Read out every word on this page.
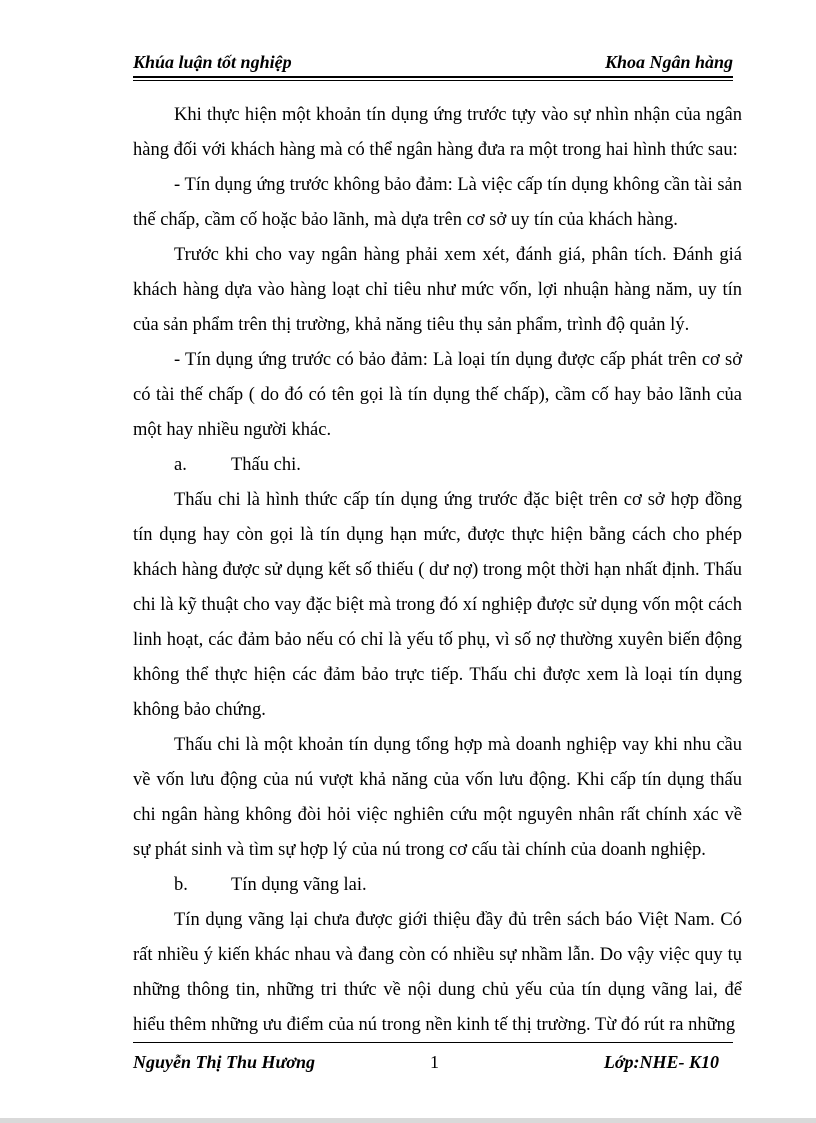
Khúa luận tốt nghiệp	Khoa Ngân hàng

Khi thực hiện một khoản tín dụng ứng trước tựy vào sự nhìn nhận của ngân hàng đối với khách hàng mà có thể ngân hàng đưa ra một trong hai hình thức sau:

- Tín dụng ứng trước không bảo đảm: Là việc cấp tín dụng không cần tài sản thế chấp, cầm cố hoặc bảo lãnh, mà dựa trên cơ sở uy tín của khách hàng.

Trước khi cho vay ngân hàng phải xem xét, đánh giá, phân tích. Đánh giá khách hàng dựa vào hàng loạt chỉ tiêu như mức vốn, lợi nhuận hàng năm, uy tín của sản phẩm trên thị trường, khả năng tiêu thụ sản phẩm, trình độ quản lý.

- Tín dụng ứng trước có bảo đảm: Là loại tín dụng được cấp phát trên cơ sở có tài thế chấp ( do đó có tên gọi là tín dụng thế chấp), cầm cố hay bảo lãnh của một hay nhiều người khác.

a. Thấu chi.

Thấu chi là hình thức cấp tín dụng ứng trước đặc biệt trên cơ sở hợp đồng tín dụng hay còn gọi là tín dụng hạn mức, được thực hiện bằng cách cho phép khách hàng được sử dụng kết số thiếu ( dư nợ) trong một thời hạn nhất định. Thấu chi là kỹ thuật cho vay đặc biệt mà trong đó xí nghiệp được sử dụng vốn một cách linh hoạt, các đảm bảo nếu có chỉ là yếu tố phụ, vì số nợ thường xuyên biến động không thể thực hiện các đảm bảo trực tiếp. Thấu chi được xem là loại tín dụng không bảo chứng.

Thấu chi là một khoản tín dụng tổng hợp mà doanh nghiệp vay khi nhu cầu về vốn lưu động của nú vượt khả năng của vốn lưu động. Khi cấp tín dụng thấu chi ngân hàng không đòi hỏi việc nghiên cứu một nguyên nhân rất chính xác về sự phát sinh và tìm sự hợp lý của nú trong cơ cấu tài chính của doanh nghiệp.

b. Tín dụng vãng lai.

Tín dụng vãng lại chưa được giới thiệu đầy đủ trên sách báo Việt Nam. Có rất nhiều ý kiến khác nhau và đang còn có nhiều sự nhầm lẫn. Do vậy việc quy tụ những thông tin, những tri thức về nội dung chủ yếu của tín dụng vãng lai, để hiểu thêm những ưu điểm của nú trong nền kinh tế thị trường. Từ đó rút ra những

Nguyễn Thị Thu Hương	1	Lớp:NHE- K10
